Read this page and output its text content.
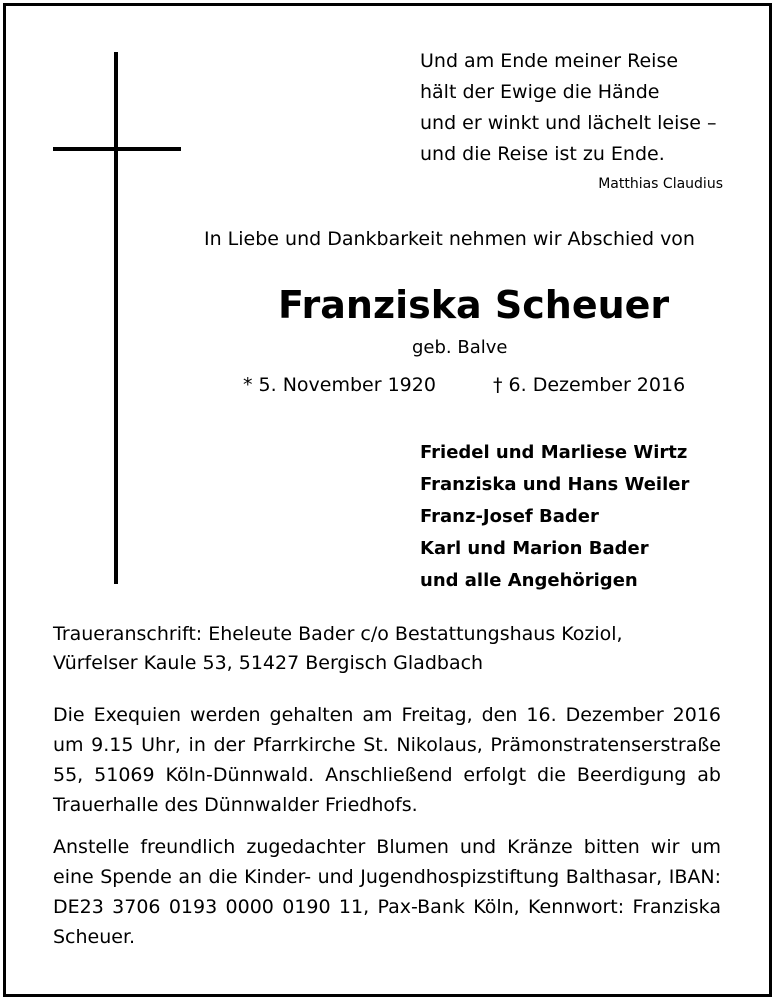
Und am Ende meiner Reise
hält der Ewige die Hände
und er winkt und lächelt leise –
und die Reise ist zu Ende.
Matthias Claudius
In Liebe und Dankbarkeit nehmen wir Abschied von
Franziska Scheuer
geb. Balve
* 5. November 1920	† 6. Dezember 2016
Friedel und Marliese Wirtz
Franziska und Hans Weiler
Franz-Josef Bader
Karl und Marion Bader
und alle Angehörigen
Traueranschrift: Eheleute Bader c/o Bestattungshaus Koziol,
Vürfelser Kaule 53, 51427 Bergisch Gladbach
Die Exequien werden gehalten am Freitag, den 16. Dezember 2016 um 9.15 Uhr, in der Pfarrkirche St. Nikolaus, Prämonstratenserstraße 55, 51069 Köln-Dünnwald. Anschließend erfolgt die Beerdigung ab Trauerhalle des Dünnwalder Friedhofs.
Anstelle freundlich zugedachter Blumen und Kränze bitten wir um eine Spende an die Kinder- und Jugendhospizstiftung Balthasar, IBAN: DE23 3706 0193 0000 0190 11, Pax-Bank Köln, Kennwort: Franziska Scheuer.
